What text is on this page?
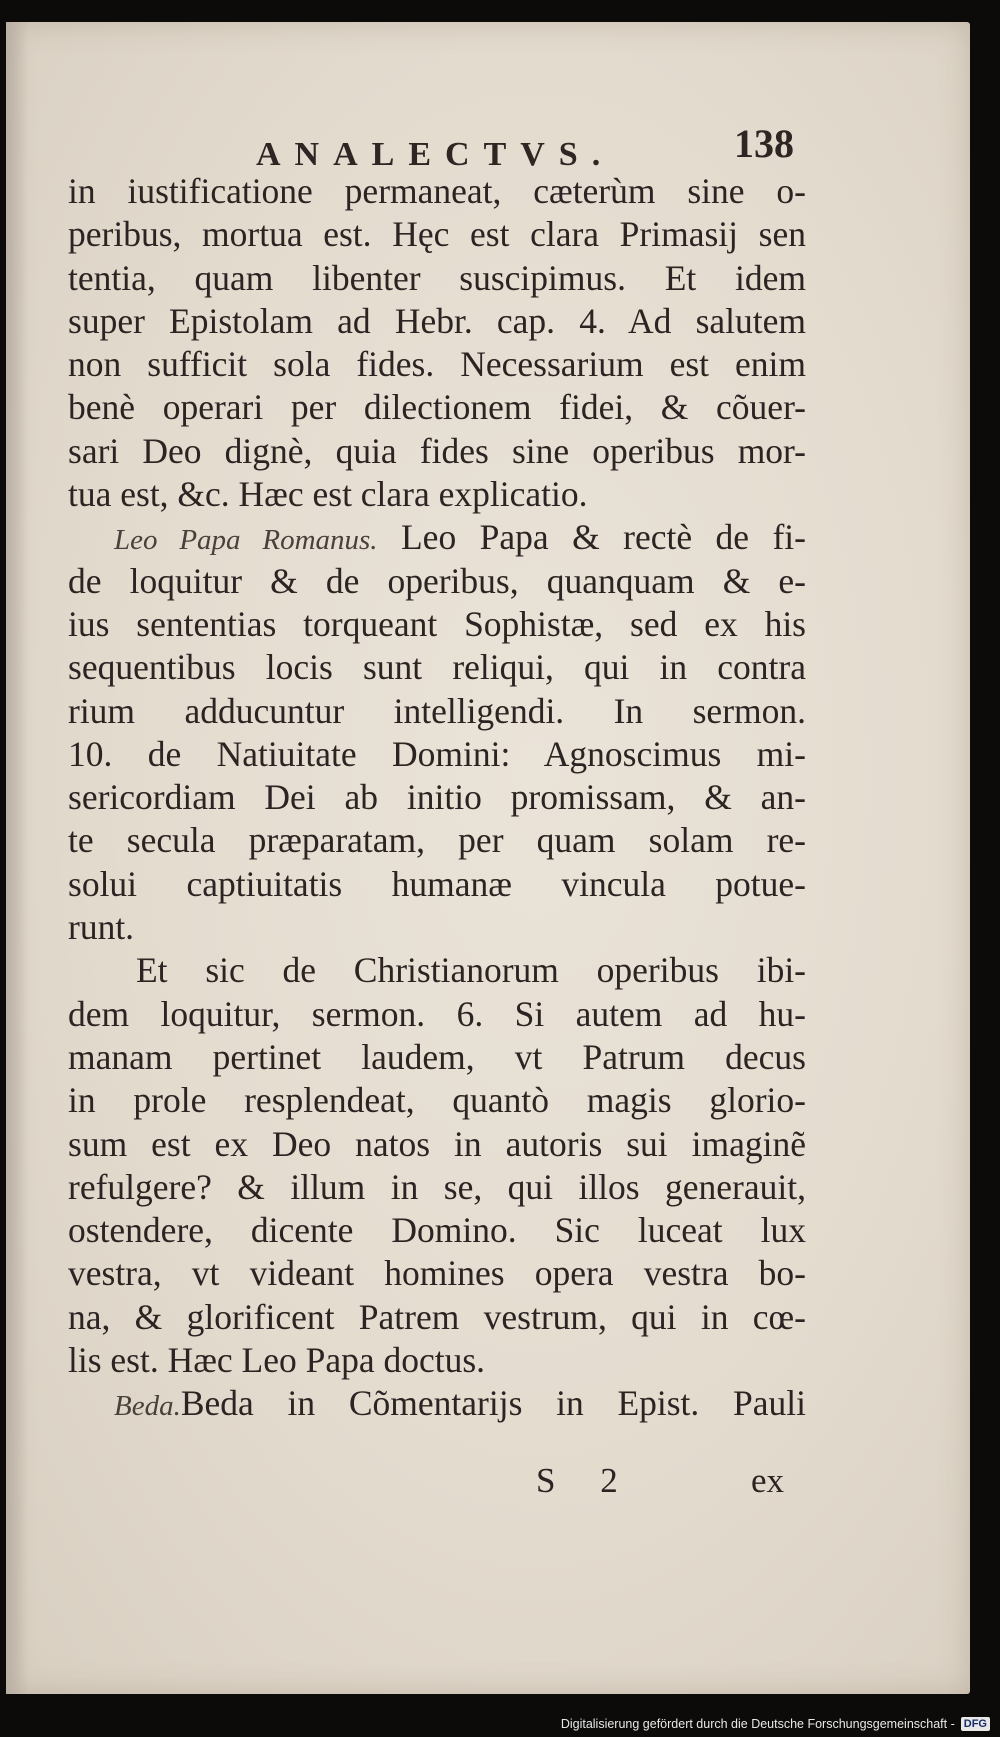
ANALECTVS.	138
in iustificatione permaneat, cæterùm sine o-
peribus, mortua est. Hęc est clara Primasij sen
tentia, quam libenter suscipimus. Et idem
super Epistolam ad Hebr. cap. 4. Ad salutem
non sufficit sola fides. Necessarium est enim
benè operari per dilectionem fidei, & cõuer-
sari Deo dignè, quia fides sine operibus mor-
tua est, &c. Hæc est clara explicatio.
Leo Papa Romanus. Leo Papa & rectè de fi-
de loquitur & de operibus, quanquam & e-
ius sententias torqueant Sophistæ, sed ex his
sequentibus locis sunt reliqui, qui in contra
rium adducuntur intelligendi. In sermon.
10. de Natiuitate Domini: Agnoscimus mi-
sericordiam Dei ab initio promissam, & an-
te secula præparatam, per quam solam re-
solui captiuitatis humanæ vincula potue-
runt.
Et sic de Christianorum operibus ibi-
dem loquitur, sermon. 6. Si autem ad hu-
manam pertinet laudem, vt Patrum decus
in prole resplendeat, quantò magis glorio-
sum est ex Deo natos in autoris sui imaginẽ
refulgere? & illum in se, qui illos generauit,
ostendere, dicente Domino. Sic luceat lux
vestra, vt videant homines opera vestra bo-
na, & glorificent Patrem vestrum, qui in cœ-
lis est. Hæc Leo Papa doctus.
Beda.Beda in Cõmentarijs in Epist. Pauli
S 2	ex
Digitalisierung gefördert durch die Deutsche Forschungsgemeinschaft - DFG
